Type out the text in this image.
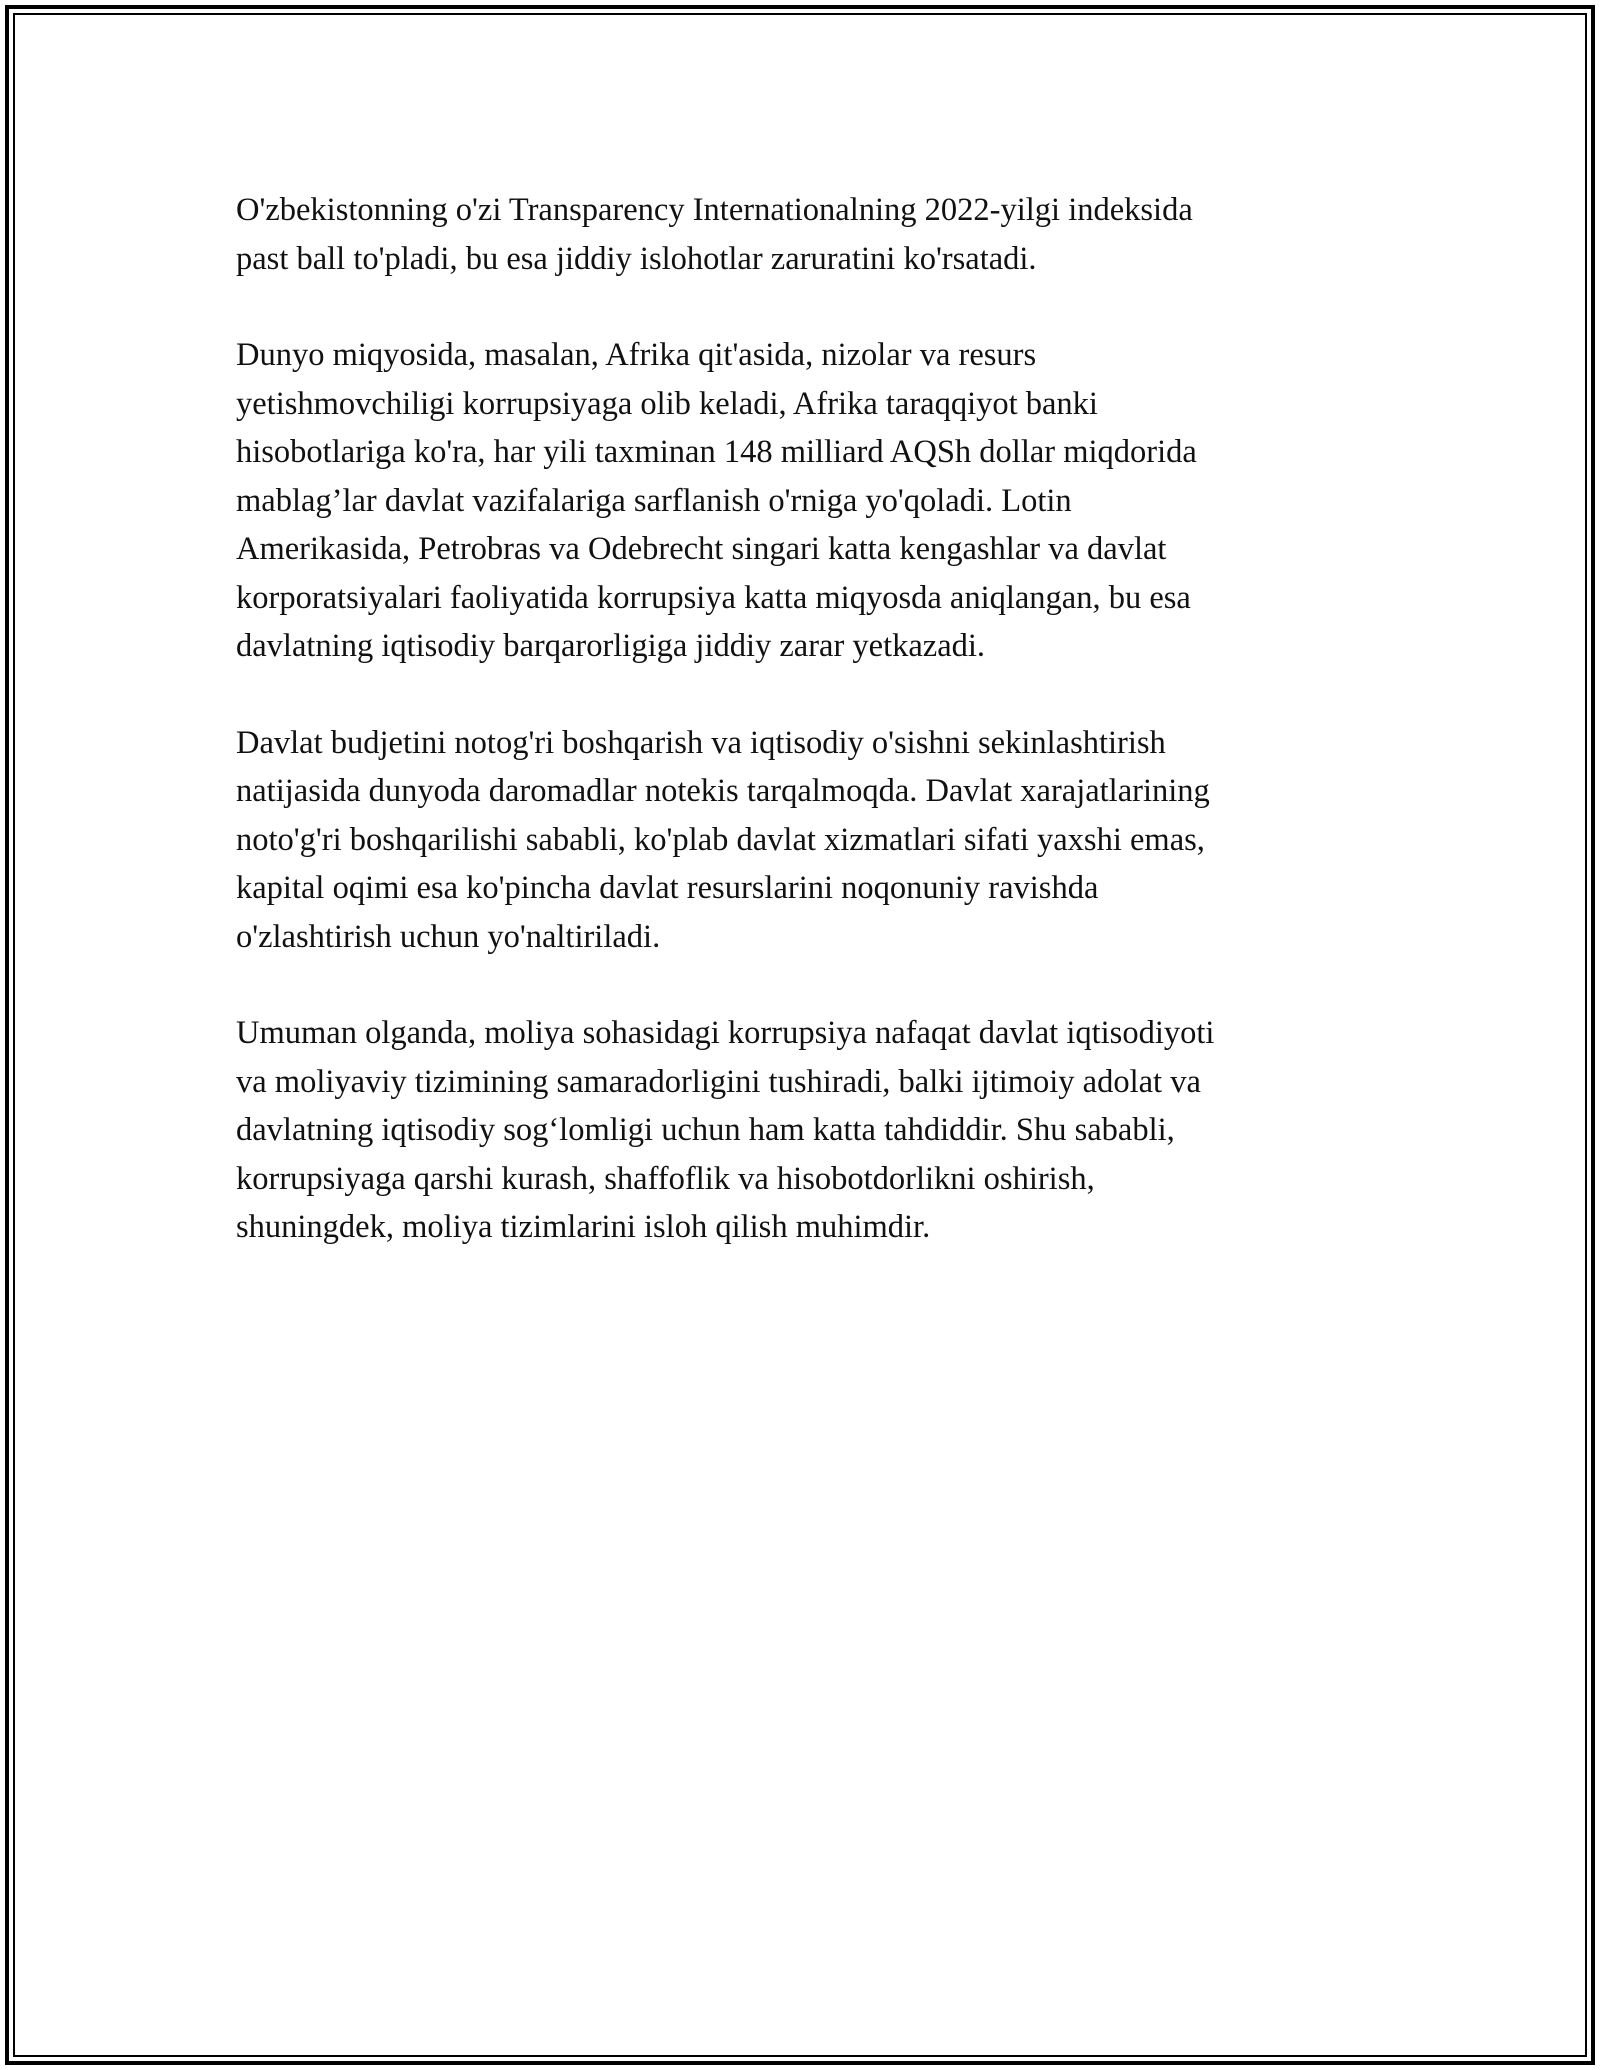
O'zbekistonning o'zi Transparency Internationalning 2022-yilgi indeksida
past ball to'pladi, bu esa jiddiy islohotlar zaruratini ko'rsatadi.

Dunyo miqyosida, masalan, Afrika qit'asida, nizolar va resurs
yetishmovchiligi korrupsiyaga olib keladi, Afrika taraqqiyot banki
hisobotlariga ko'ra, har yili taxminan 148 milliard AQSh dollar miqdorida
mablag’lar davlat vazifalariga sarflanish o'rniga yo'qoladi. Lotin
Amerikasida, Petrobras va Odebrecht singari katta kengashlar va davlat
korporatsiyalari faoliyatida korrupsiya katta miqyosda aniqlangan, bu esa
davlatning iqtisodiy barqarorligiga jiddiy zarar yetkazadi.

Davlat budjetini notog'ri boshqarish va iqtisodiy o'sishni sekinlashtirish
natijasida dunyoda daromadlar notekis tarqalmoqda. Davlat xarajatlarining
noto'g'ri boshqarilishi sababli, ko'plab davlat xizmatlari sifati yaxshi emas,
kapital oqimi esa ko'pincha davlat resurslarini noqonuniy ravishda
o'zlashtirish uchun yo'naltiriladi.

Umuman olganda, moliya sohasidagi korrupsiya nafaqat davlat iqtisodiyoti
va moliyaviy tizimining samaradorligini tushiradi, balki ijtimoiy adolat va
davlatning iqtisodiy sog‘lomligi uchun ham katta tahdiddir. Shu sababli,
korrupsiyaga qarshi kurash, shaffoflik va hisobotdorlikni oshirish,
shuningdek, moliya tizimlarini isloh qilish muhimdir.
